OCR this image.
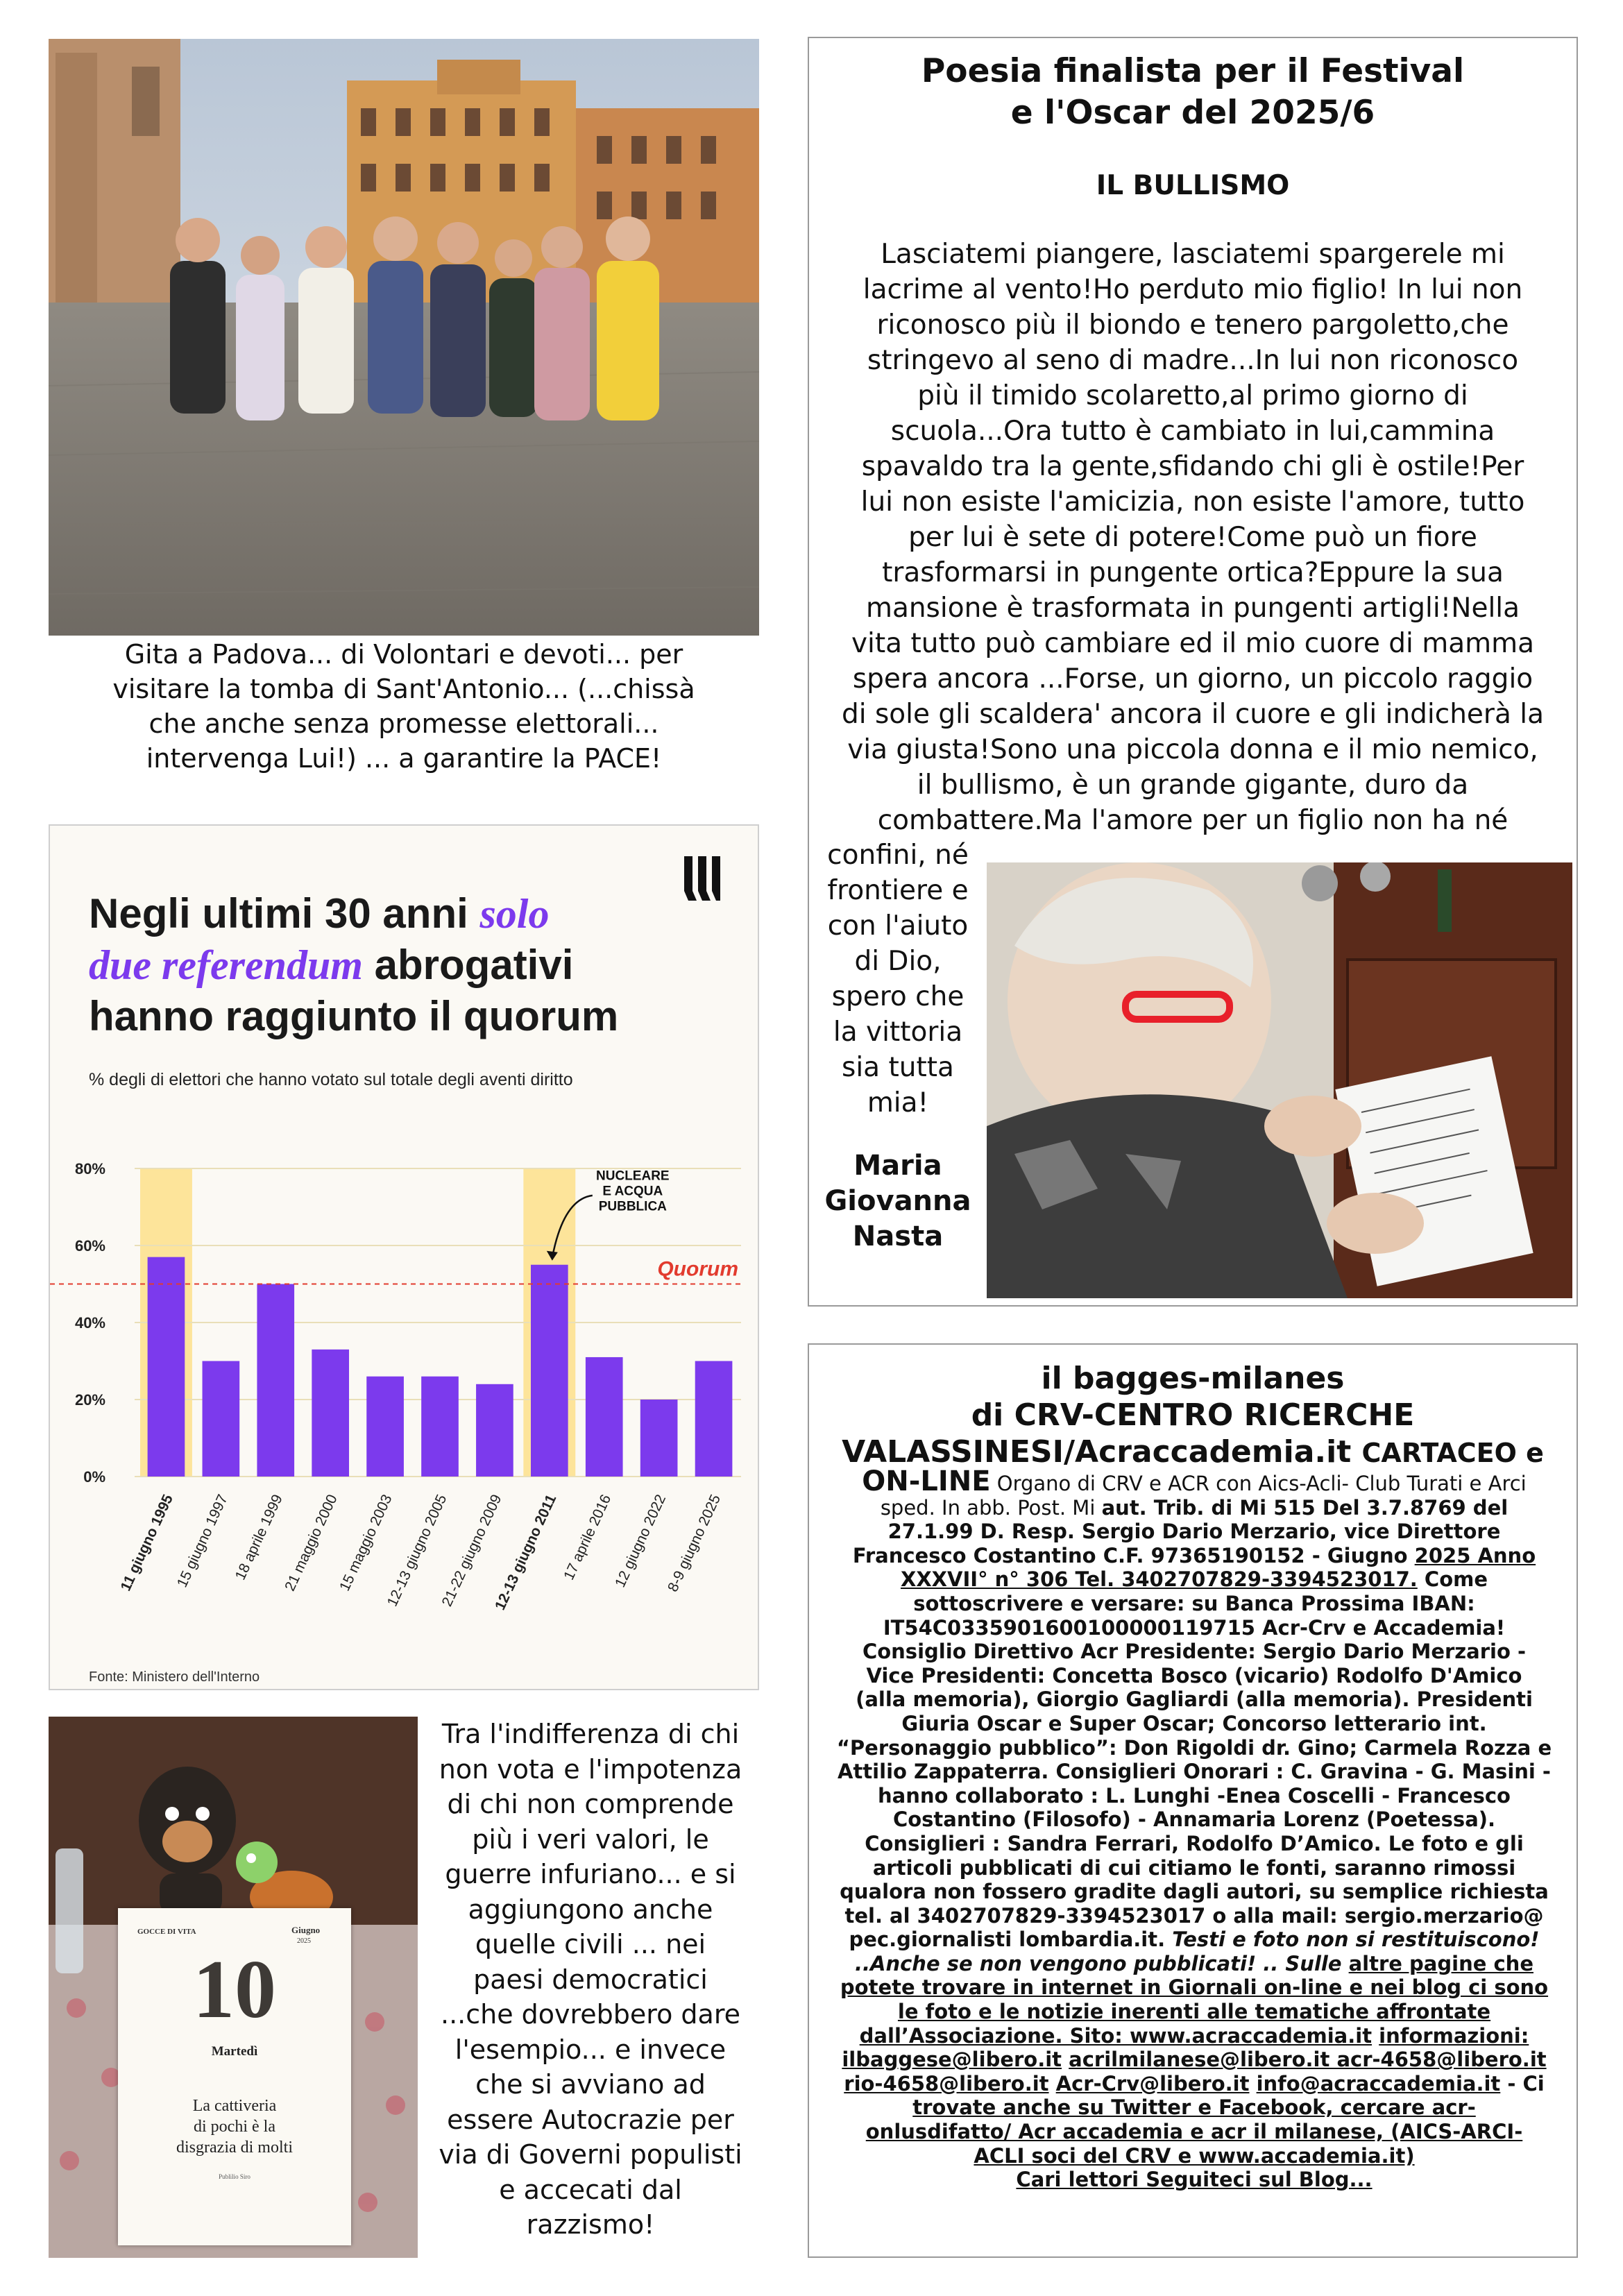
Gita a Padova... di Volontari e devoti... per
visitare la tomba di Sant'Antonio... (...chissà
che anche senza promesse elettorali...
intervenga Lui!) ... a garantire la PACE!
Negli ultimi 30 anni solo
due referendum abrogativi
hanno raggiunto il quorum
% degli di elettori che hanno votato sul totale degli aventi diritto
0%
20%
40%
60%
80%
Quorum
NUCLEARE
E ACQUA
PUBBLICA
11 giugno 1995
15 giugno 1997 18 aprile 1999
21 maggio 2000
15 maggio 2003
12-13 giugno 2005
21-22 giugno 2009
12-13 giugno 2011 17 aprile 2016
12 giugno 2022
8-9 giugno 2025
Fonte: Ministero dell'Interno
GOCCE DI VITA	Giugno
2025
10
Martedì
La cattiveria
di pochi è la
disgrazia di molti
Publilio Siro
Tra l'indifferenza di chi
non vota e l'impotenza
di chi non comprende
più i veri valori, le
guerre infuriano... e si
aggiungono anche
quelle civili ... nei
paesi democratici
...che dovrebbero dare
l'esempio... e invece
che si avviano ad
essere Autocrazie per
via di Governi populisti
e accecati dal
razzismo!
Poesia finalista per il Festival
e l'Oscar del 2025/6
IL BULLISMO
Lasciatemi piangere, lasciatemi spargerele mi
lacrime al vento!Ho perduto mio figlio! In lui non
riconosco più il biondo e tenero pargoletto,che
stringevo al seno di madre...In lui non riconosco
più il timido scolaretto,al primo giorno di
scuola...Ora tutto è cambiato in lui,cammina
spavaldo tra la gente,sfidando chi gli è ostile!Per
lui non esiste l'amicizia, non esiste l'amore, tutto
per lui è sete di potere!Come può un fiore
trasformarsi in pungente ortica?Eppure la sua
mansione è trasformata in pungenti artigli!Nella
vita tutto può cambiare ed il mio cuore di mamma
spera ancora ...Forse, un giorno, un piccolo raggio
di sole gli scaldera' ancora il cuore e gli indicherà la
via giusta!Sono una piccola donna e il mio nemico,
il bullismo, è un grande gigante, duro da
combattere.Ma l'amore per un figlio non ha né
confini, né
frontiere e
con l'aiuto
di Dio,
spero che
la vittoria
sia tutta
mia!
Maria
Giovanna
Nasta
il bagges-milanes
di CRV-CENTRO RICERCHE
VALASSINESI/Acraccademia.it CARTACEO e
ON-LINE Organo di CRV e ACR con Aics-Acli- Club Turati e Arci
sped. In abb. Post. Mi aut. Trib. di Mi 515 Del 3.7.8769 del
27.1.99 D. Resp. Sergio Dario Merzario, vice Direttore
Francesco Costantino C.F. 97365190152 - Giugno 2025 Anno
XXXVII° n° 306 Tel. 3402707829-3394523017. Come
sottoscrivere e versare: su Banca Prossima IBAN:
IT54C0335901600100000119715 Acr-Crv e Accademia!
Consiglio Direttivo Acr Presidente: Sergio Dario Merzario -
Vice Presidenti: Concetta Bosco (vicario) Rodolfo D'Amico
(alla memoria), Giorgio Gagliardi (alla memoria). Presidenti
Giuria Oscar e Super Oscar; Concorso letterario int.
“Personaggio pubblico”: Don Rigoldi dr. Gino; Carmela Rozza e
Attilio Zappaterra. Consiglieri Onorari : C. Gravina - G. Masini -
hanno collaborato : L. Lunghi -Enea Coscelli - Francesco
Costantino (Filosofo) - Annamaria Lorenz (Poetessa).
Consiglieri : Sandra Ferrari, Rodolfo D’Amico. Le foto e gli
articoli pubblicati di cui citiamo le fonti, saranno rimossi
qualora non fossero gradite dagli autori, su semplice richiesta
tel. al 3402707829-3394523017 o alla mail: sergio.merzario@
pec.giornalisti lombardia.it. Testi e foto non si restituiscono!
..Anche se non vengono pubblicati! .. Sulle altre pagine che
potete trovare in internet in Giornali on-line e nei blog ci sono
le foto e le notizie inerenti alle tematiche affrontate
dall’Associazione. Sito: www.acraccademia.it informazioni:
ilbaggese@libero.it acrilmilanese@libero.it acr-4658@libero.it
rio-4658@libero.it Acr-Crv@libero.it info@acraccademia.it - Ci
trovate anche su Twitter e Facebook, cercare acr-
onlusdifatto/ Acr accademia e acr il milanese, (AICS-ARCI-
ACLI soci del CRV e www.accademia.it)
Cari lettori Seguiteci sul Blog...
